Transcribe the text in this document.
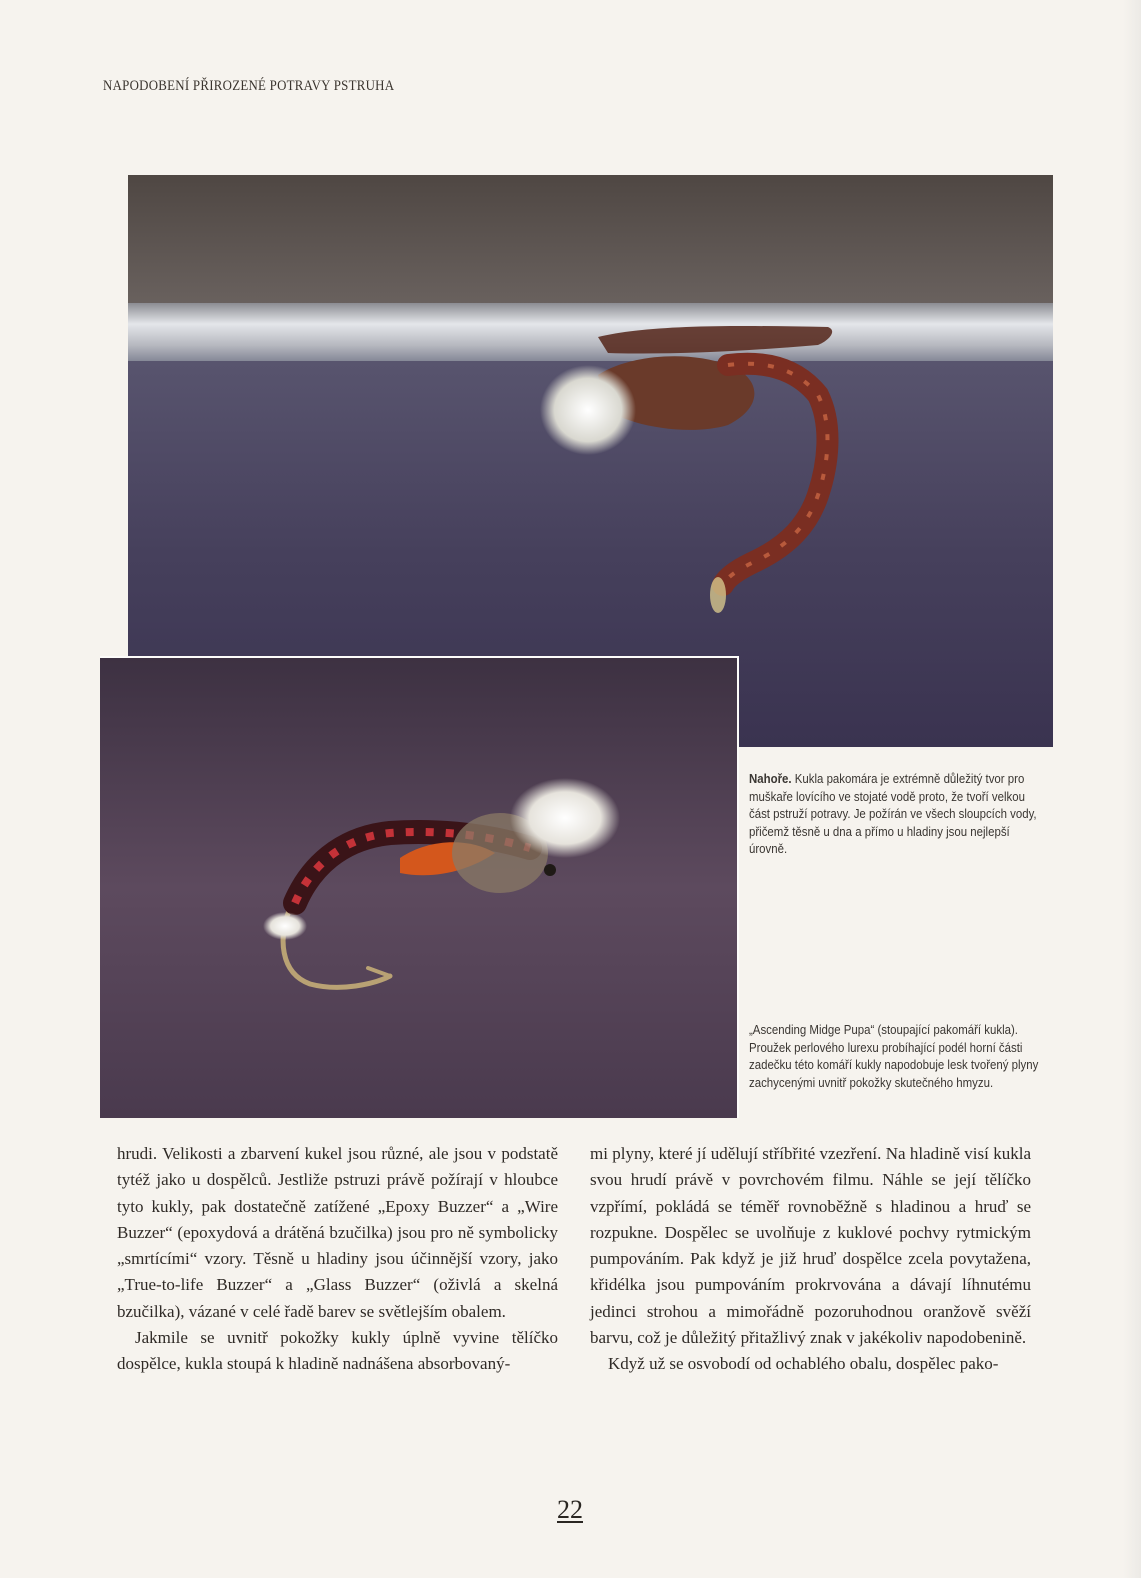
NAPODOBENÍ PŘIROZENÉ POTRAVY PSTRUHA
Nahoře. Kukla pakomára je extrémně důležitý tvor pro muškaře lovícího ve stojaté vodě proto, že tvoří velkou část pstruží potravy. Je požírán ve všech sloupcích vody, přičemž těsně u dna a přímo u hladiny jsou nejlepší úrovně.
„Ascending Midge Pupa“ (stoupající pakomáří kukla). Proužek perlového lurexu probíhající podél horní části zadečku této komáří kukly napodobuje lesk tvořený plyny zachycenými uvnitř pokožky skutečného hmyzu.

hrudi. Velikosti a zbarvení kukel jsou různé, ale jsou v podstatě tytéž jako u dospělců. Jestliže pstruzi právě požírají v hloubce tyto kukly, pak dostatečně zatížené „Epoxy Buzzer“ a „Wire Buzzer“ (epoxydová a drátěná bzučilka) jsou pro ně symbolicky „smrtícími“ vzory. Těsně u hladiny jsou účinnější vzory, jako „True-to-life Buzzer“ a „Glass Buzzer“ (oživlá a skelná bzučilka), vázané v celé řadě barev se světlejším obalem.

Jakmile se uvnitř pokožky kukly úplně vyvine tělíčko dospělce, kukla stoupá k hladině nadnášena absorbovaný-

mi plyny, které jí udělují stříbřité vzezření. Na hladině visí kukla svou hrudí právě v povrchovém filmu. Náhle se její tělíčko vzpřímí, pokládá se téměř rovnoběžně s hladinou a hruď se rozpukne. Dospělec se uvolňuje z kuklové pochvy rytmickým pumpováním. Pak když je již hruď dospělce zcela povytažena, křidélka jsou pumpováním prokrvována a dávají líhnutému jedinci strohou a mimořádně pozoruhodnou oranžově svěží barvu, což je důležitý přitažlivý znak v jakékoliv napodobenině.

Když už se osvobodí od ochablého obalu, dospělec pako-

22
